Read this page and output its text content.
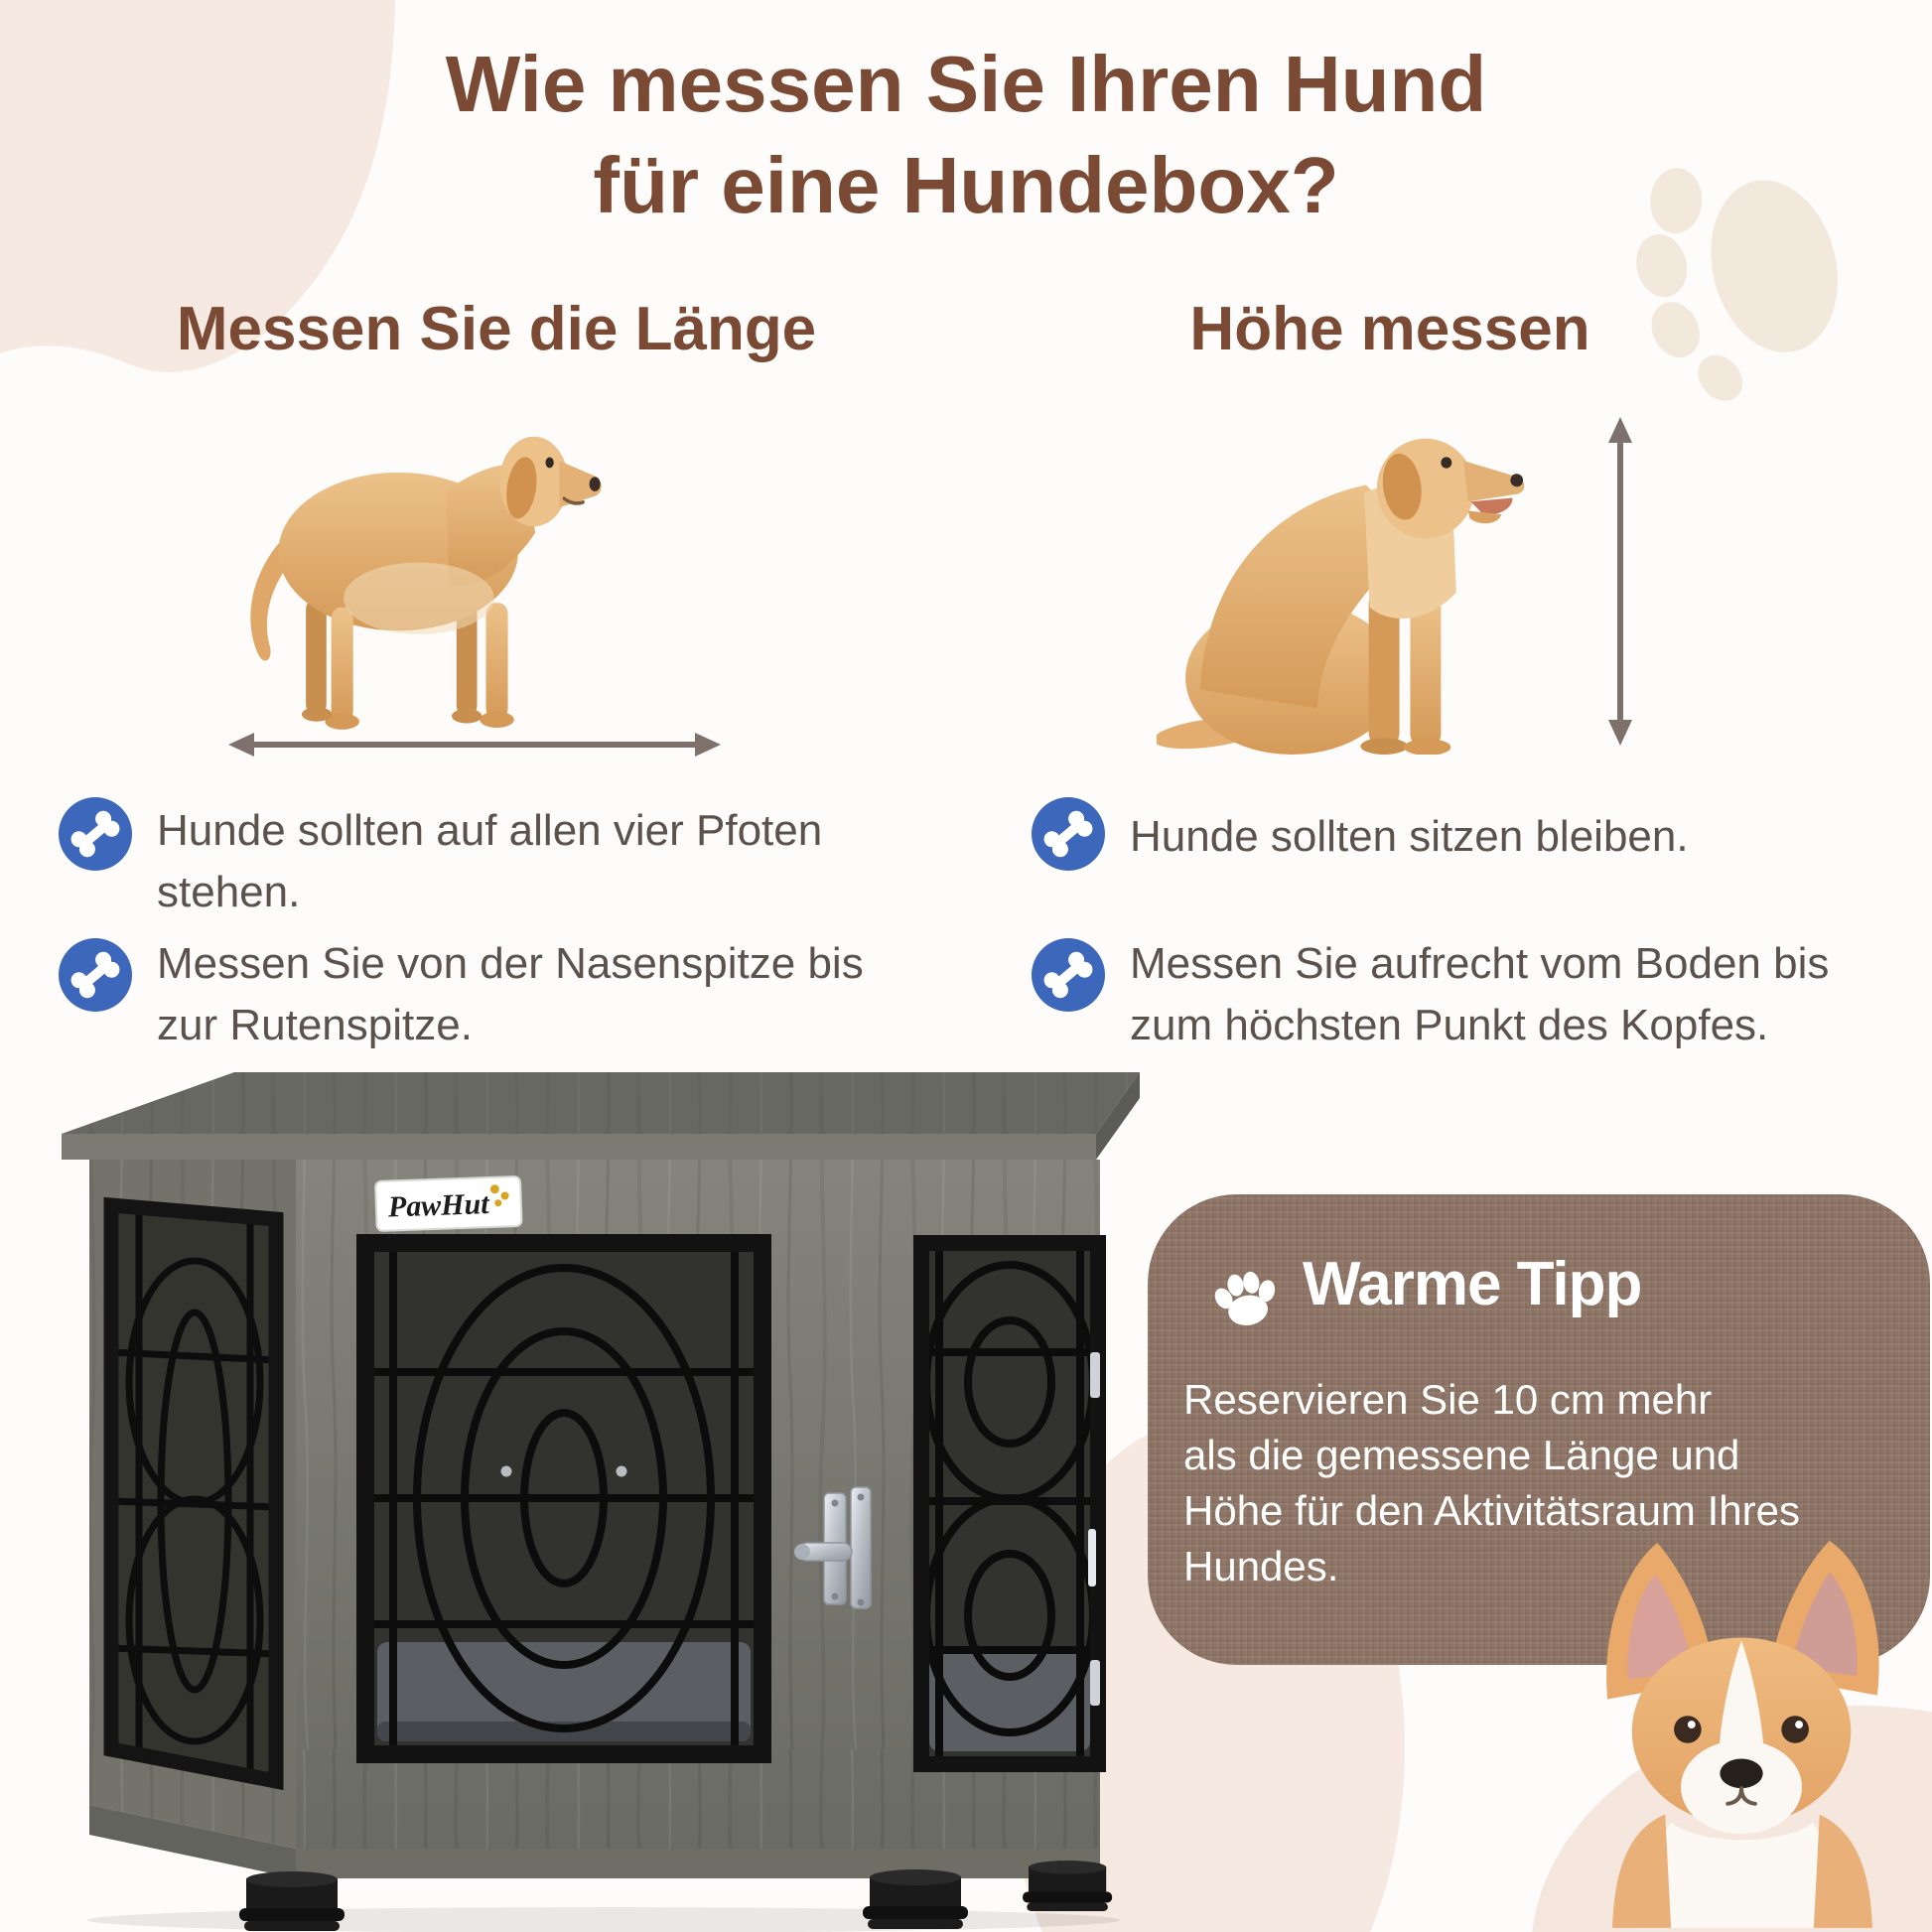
Wie messen Sie Ihren Hund
für eine Hundebox?
Messen Sie die Länge	Höhe messen
Hunde sollten auf allen vier Pfoten stehen.
Messen Sie von der Nasenspitze bis zur Rutenspitze.
Hunde sollten sitzen bleiben.
Messen Sie aufrecht vom Boden bis zum höchsten Punkt des Kopfes.
PawHut
Warme Tipp
Reservieren Sie 10 cm mehr
als die gemessene Länge und
Höhe für den Aktivitätsraum Ihres
Hundes.
